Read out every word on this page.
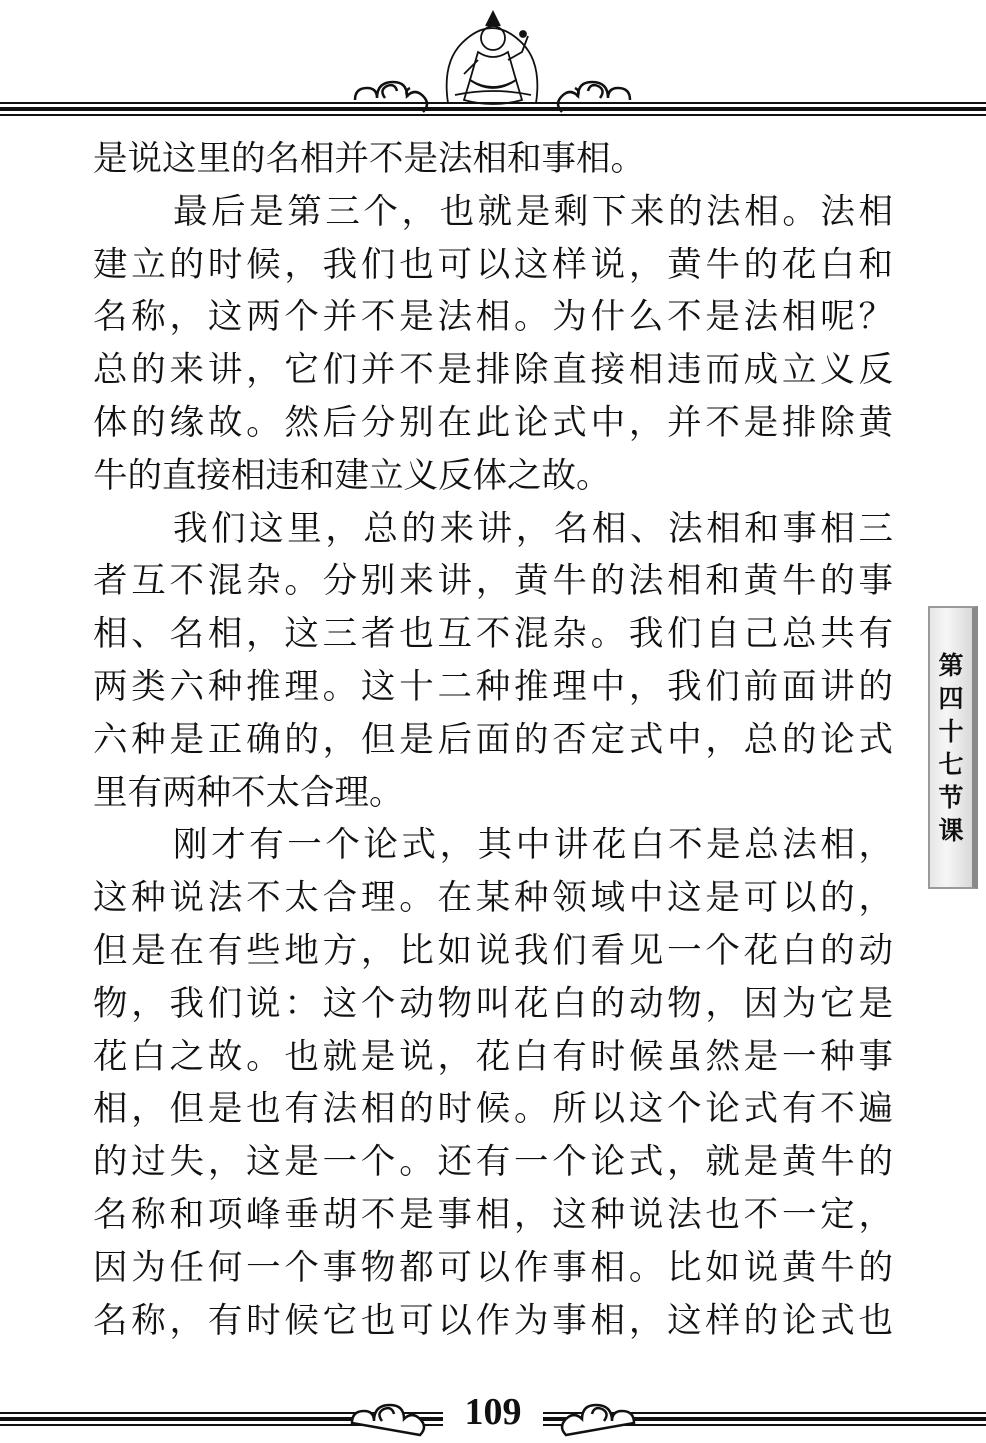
是说这里的名相并不是法相和事相。
最后是第三个，也就是剩下来的法相。法相
建立的时候，我们也可以这样说，黄牛的花白和
名称，这两个并不是法相。为什么不是法相呢？
总的来讲，它们并不是排除直接相违而成立义反
体的缘故。然后分别在此论式中，并不是排除黄
牛的直接相违和建立义反体之故。
我们这里，总的来讲，名相、法相和事相三
者互不混杂。分别来讲，黄牛的法相和黄牛的事
相、名相，这三者也互不混杂。我们自己总共有
两类六种推理。这十二种推理中，我们前面讲的
六种是正确的，但是后面的否定式中，总的论式
里有两种不太合理。
刚才有一个论式，其中讲花白不是总法相，
这种说法不太合理。在某种领域中这是可以的，
但是在有些地方，比如说我们看见一个花白的动
物，我们说：这个动物叫花白的动物，因为它是
花白之故。也就是说，花白有时候虽然是一种事
相，但是也有法相的时候。所以这个论式有不遍
的过失，这是一个。还有一个论式，就是黄牛的
名称和项峰垂胡不是事相，这种说法也不一定，
因为任何一个事物都可以作事相。比如说黄牛的
名称，有时候它也可以作为事相，这样的论式也
第
四
十
七
节
课
109
